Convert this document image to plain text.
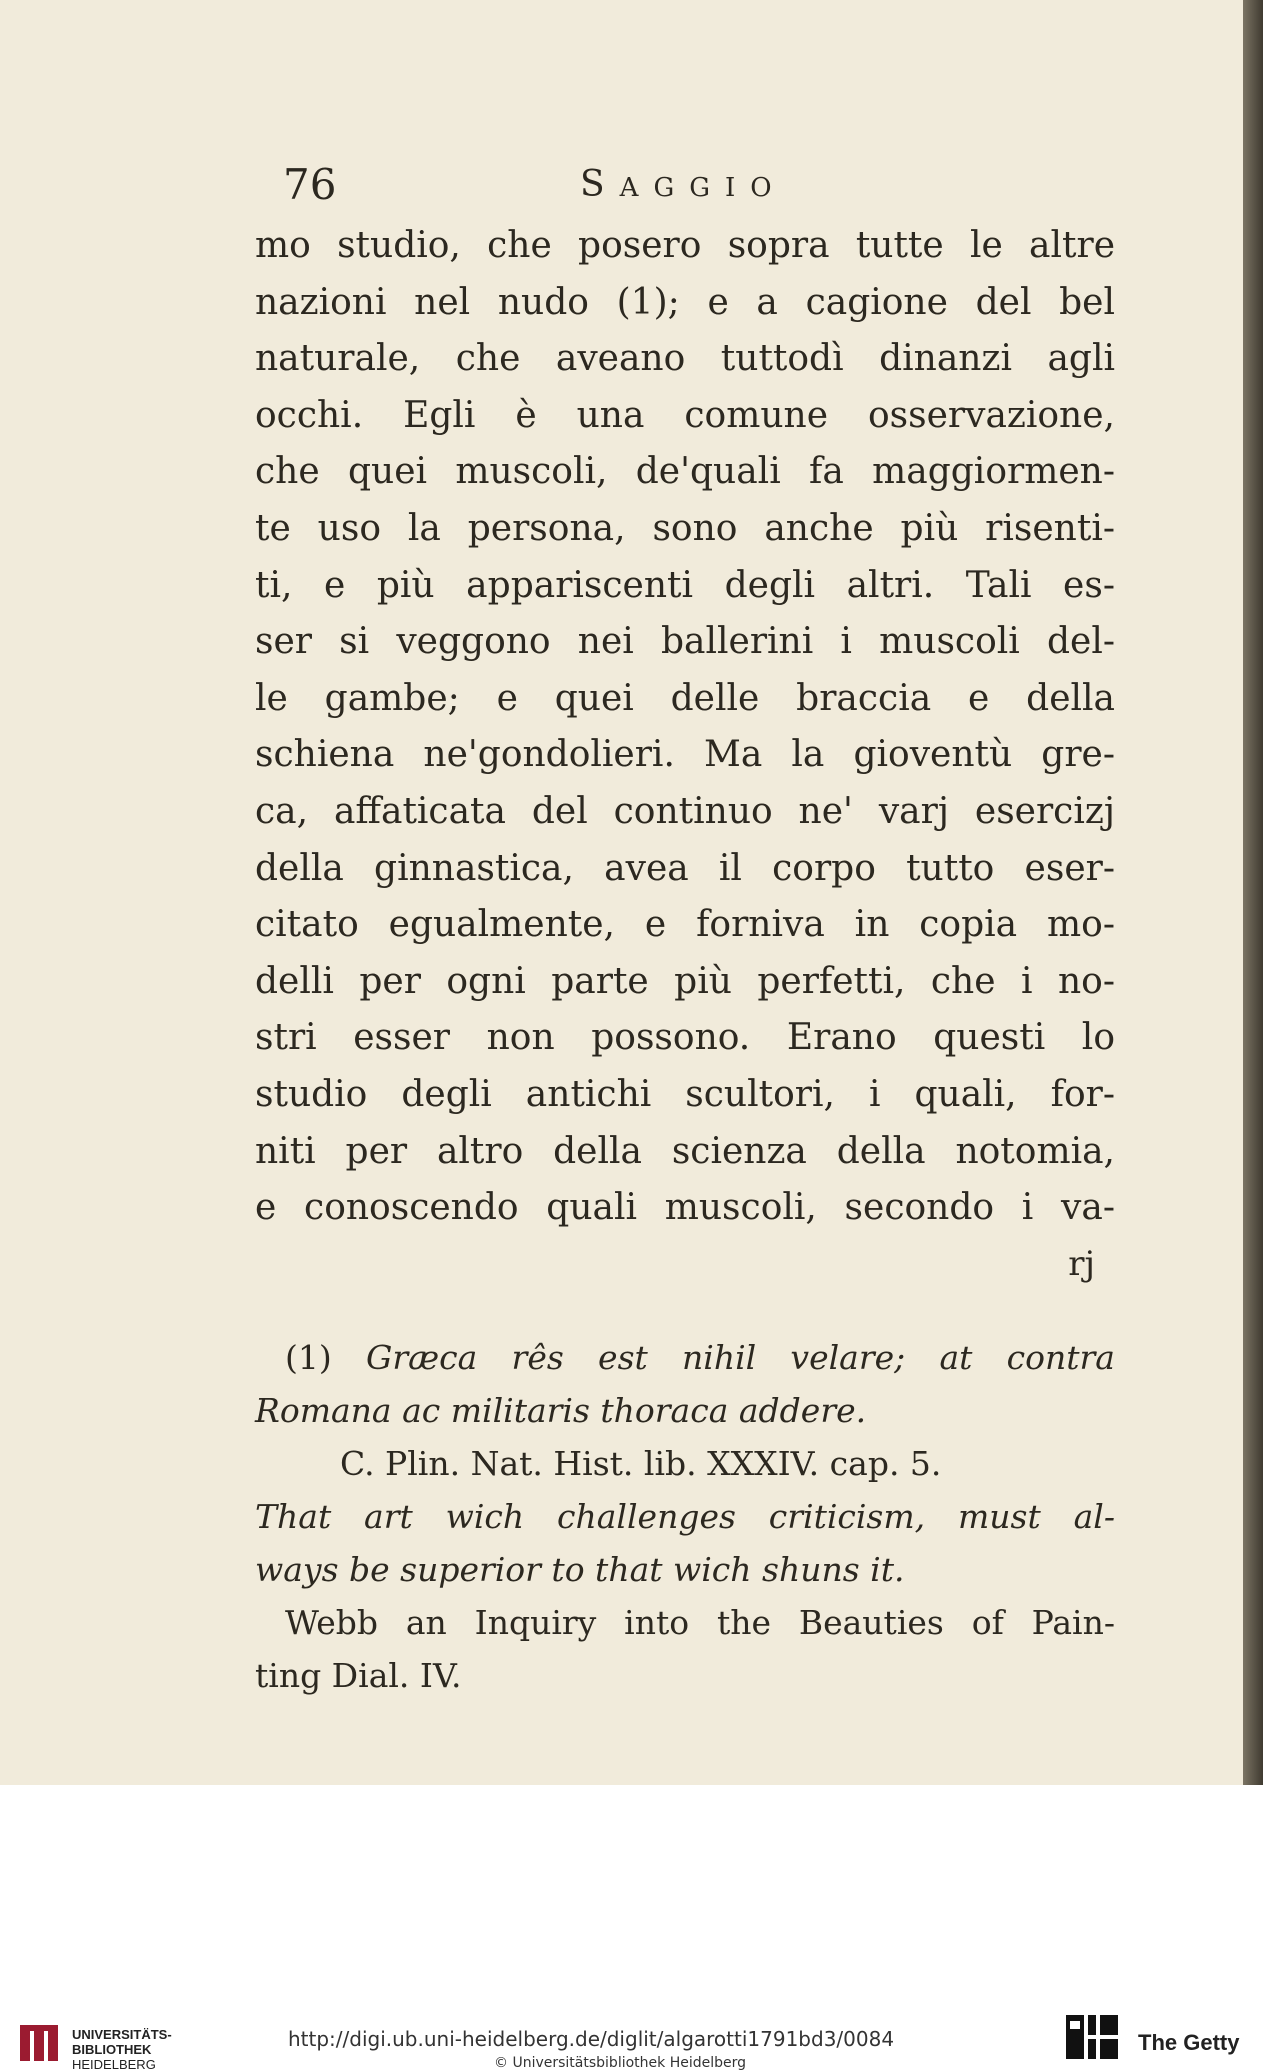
76	SAGGIO
mo studio, che posero sopra tutte le altre
nazioni nel nudo (1); e a cagione del bel
naturale, che aveano tuttodì dinanzi agli
occhi. Egli è una comune osservazione,
che quei muscoli, de'quali fa maggiormen-
te uso la persona, sono anche più risenti-
ti, e più appariscenti degli altri. Tali es-
ser si veggono nei ballerini i muscoli del-
le gambe; e quei delle braccia e della
schiena ne'gondolieri. Ma la gioventù gre-
ca, affaticata del continuo ne' varj esercizj
della ginnastica, avea il corpo tutto eser-
citato egualmente, e forniva in copia mo-
delli per ogni parte più perfetti, che i no-
stri esser non possono. Erano questi lo
studio degli antichi scultori, i quali, for-
niti per altro della scienza della notomia,
e conoscendo quali muscoli, secondo i va-
rj
(1) Græca rês est nihil velare; at contra
Romana ac militaris thoraca addere.
C. Plin. Nat. Hist. lib. XXXIV. cap. 5.
That art wich challenges criticism, must al-
ways be superior to that wich shuns it.
Webb an Inquiry into the Beauties of Pain-
ting Dial. IV.
UNIVERSITÄTS-
BIBLIOTHEK
HEIDELBERG
http://digi.ub.uni-heidelberg.de/diglit/algarotti1791bd3/0084
© Universitätsbibliothek Heidelberg
The Getty
